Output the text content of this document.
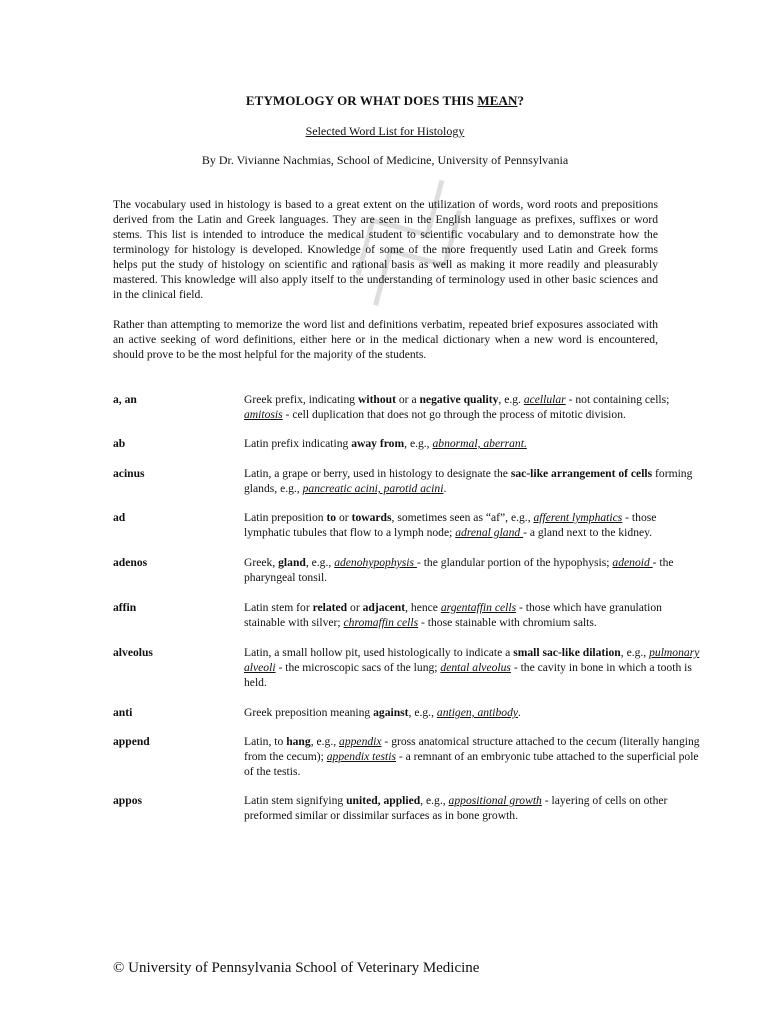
ETYMOLOGY OR WHAT DOES THIS MEAN?
Selected Word List for Histology
By Dr. Vivianne Nachmias, School of Medicine, University of Pennsylvania
The vocabulary used in histology is based to a great extent on the utilization of words, word roots and prepositions derived from the Latin and Greek languages. They are seen in the English language as prefixes, suffixes or word stems. This list is intended to introduce the medical student to scientific vocabulary and to demonstrate how the terminology for histology is developed. Knowledge of some of the more frequently used Latin and Greek forms helps put the study of histology on scientific and rational basis as well as making it more readily and pleasurably mastered. This knowledge will also apply itself to the understanding of terminology used in other basic sciences and in the clinical field.
Rather than attempting to memorize the word list and definitions verbatim, repeated brief exposures associated with an active seeking of word definitions, either here or in the medical dictionary when a new word is encountered, should prove to be the most helpful for the majority of the students.
a, an	Greek prefix, indicating without or a negative quality, e.g. acellular - not containing cells; amitosis - cell duplication that does not go through the process of mitotic division.
ab	Latin prefix indicating away from, e.g., abnormal, aberrant.
acinus	Latin, a grape or berry, used in histology to designate the sac-like arrangement of cells forming glands, e.g., pancreatic acini, parotid acini.
ad	Latin preposition to or towards, sometimes seen as “af”, e.g., afferent lymphatics - those lymphatic tubules that flow to a lymph node; adrenal gland - a gland next to the kidney.
adenos	Greek, gland, e.g., adenohypophysis - the glandular portion of the hypophysis; adenoid - the pharyngeal tonsil.
affin	Latin stem for related or adjacent, hence argentaffin cells - those which have granulation stainable with silver; chromaffin cells - those stainable with chromium salts.
alveolus	Latin, a small hollow pit, used histologically to indicate a small sac-like dilation, e.g., pulmonary alveoli - the microscopic sacs of the lung; dental alveolus - the cavity in bone in which a tooth is held.
anti	Greek preposition meaning against, e.g., antigen, antibody.
append	Latin, to hang, e.g., appendix - gross anatomical structure attached to the cecum (literally hanging from the cecum); appendix testis - a remnant of an embryonic tube attached to the superficial pole of the testis.
appos	Latin stem signifying united, applied, e.g., appositional growth - layering of cells on other preformed similar or dissimilar surfaces as in bone growth.
© University of Pennsylvania School of Veterinary Medicine
